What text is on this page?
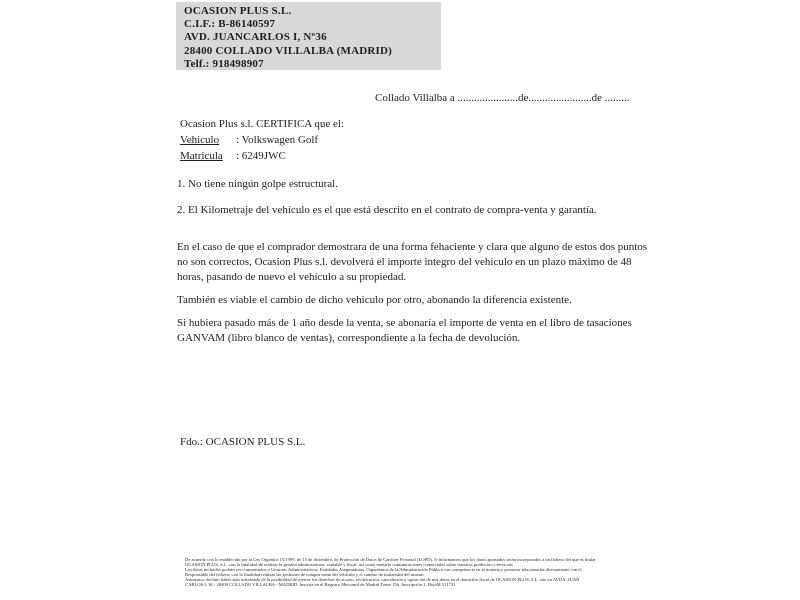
OCASION PLUS S.L.
C.I.F.: B-86140597
AVD. JUANCARLOS I, Nº36
28400 COLLADO VILLALBA (MADRID)
Telf.: 918498907
Collado Villalba a ......................de.......................de .........
Ocasion Plus s.l. CERTIFICA que el:
Vehiculo : Volkswagen Golf
Matricula : 6249JWC
1. No tiene ningún golpe estructural.
2. El Kilometraje del vehículo es el que está descrito en el contrato de compra-venta y garantía.

En el caso de que el comprador demostrara de una forma fehaciente y clara que alguno de estos dos puntos no son correctos, Ocasion Plus s.l. devolverá el importe integro del vehículo en un plazo máximo de 48 horas, pasando de nuevo el vehículo a su propiedad.

También es viable el cambio de dicho vehiculo por otro, abonando la diferencia existente.

Si hubiera pasado más de 1 año desde la venta, se abonaría el importe de venta en el libro de tasaciones GANVAM (libro blanco de ventas), correspondiente a la fecha de devolución.

Fdo.: OCASION PLUS S.L.
De acuerdo con lo establecido por la Ley Orgánica 15/1999, de 13 de diciembre, de Protección de Datos de Carácter Personal (LOPD), le informamos que los datos aportados serán incorporados a un fichero del que es titular
OCASION PLUS, S.L. con la finalidad de realizar la gestión administrativa, contable y fiscal, así como enviarle comunicaciones comerciales sobre nuestros productos y servicios.
Los datos incluidos podrán ser comunicados a Gestores Administrativos, Entidades Aseguradoras, Organismos de la Administración Pública con competencia en la materia y personas relacionadas directamente con el
Responsable del fichero; con la finalidad realizar las gestiones de compra venta del vehículo y el cambio de titularidad del mismo.
Asimismo, declaro haber sido informado de la posibilidad de ejercer los derechos de acceso, rectificación, cancelación y oposición de mis datos en el domicilio fiscal de OCASIÓN PLUS, S.L. sito en AVDA. JUAN
CARLOS I, 36 - 28400 COLLADO VILLALBA - MADRID. Inscrita en el Registro Mercantil de Madrid Tomo 156, Inscripción 1, HojaM 511731
